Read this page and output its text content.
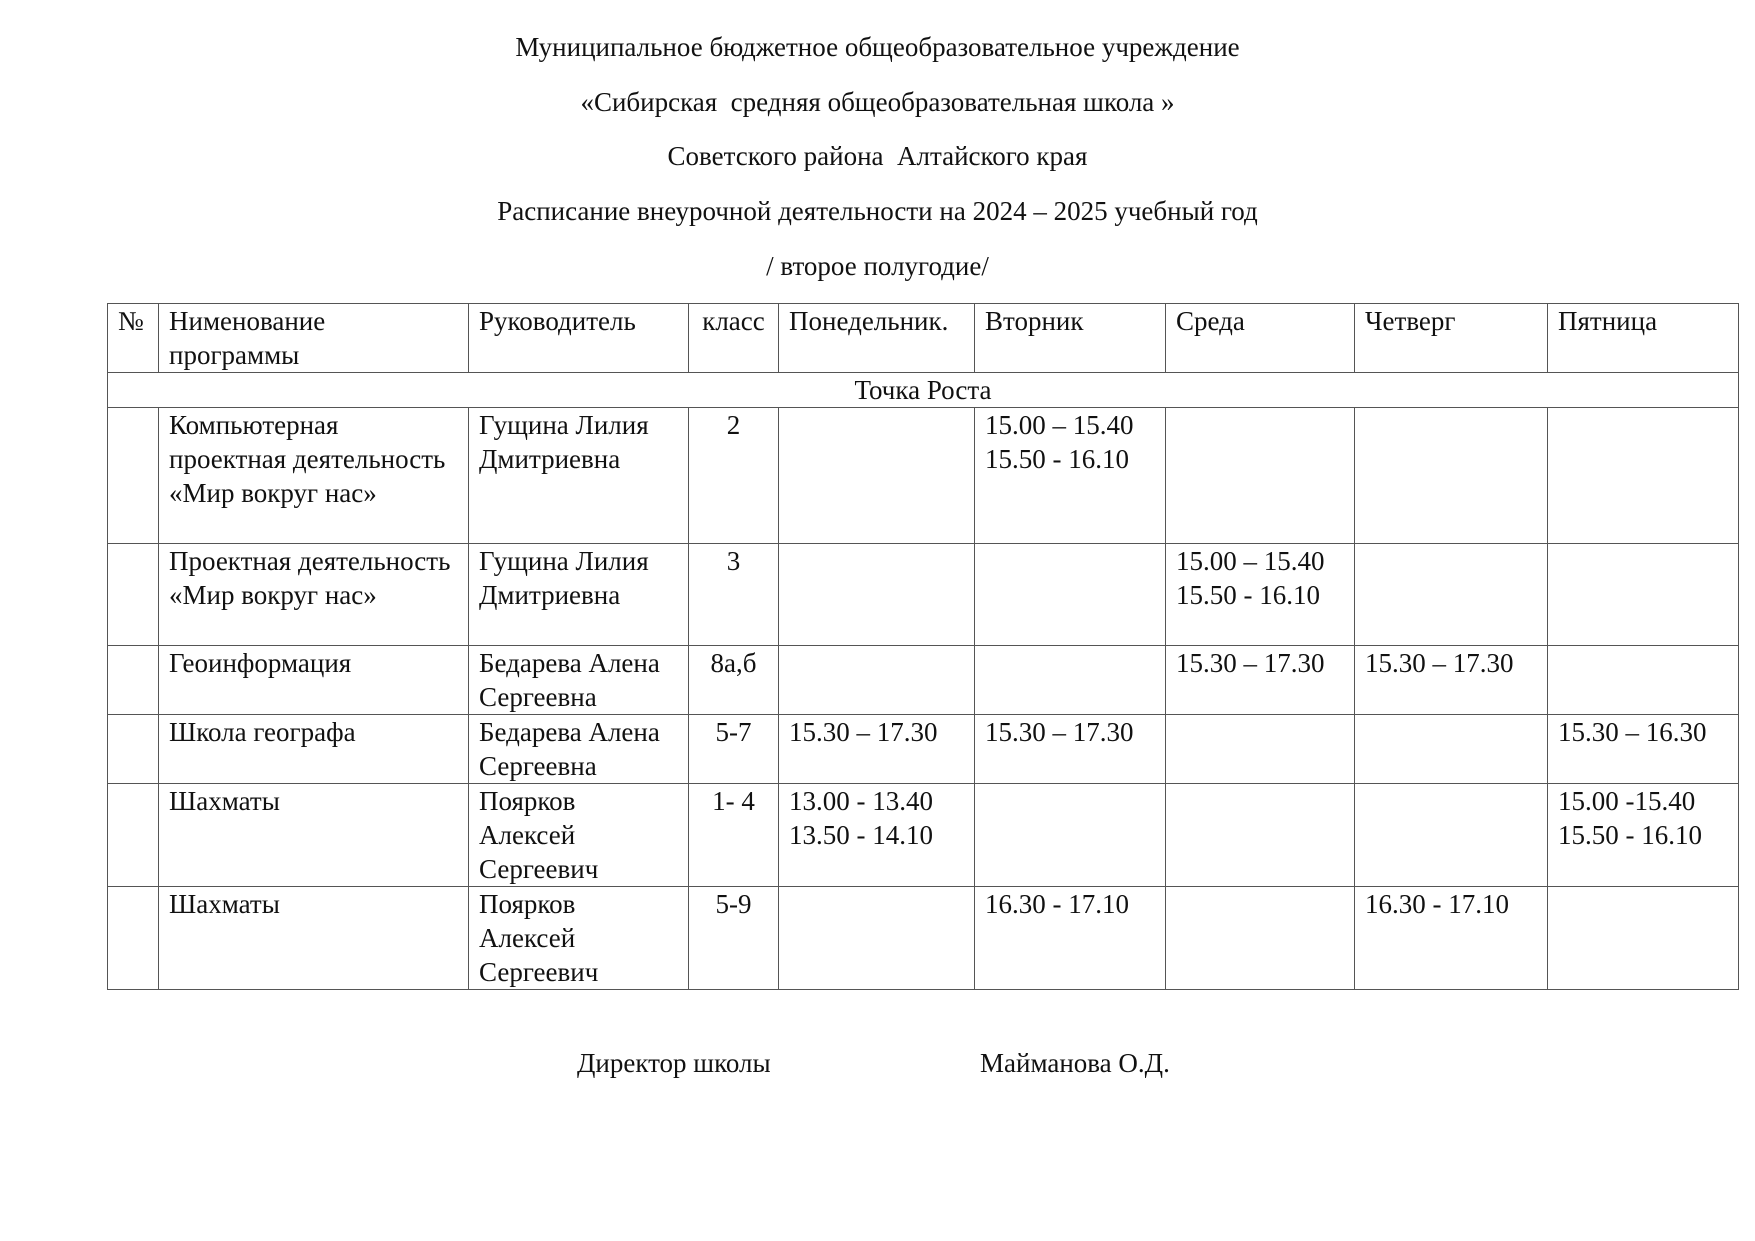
Муниципальное бюджетное общеобразовательное учреждение
«Сибирская  средняя общеобразовательная школа »
Советского района  Алтайского края
Расписание внеурочной деятельности на 2024 – 2025 учебный год
/ второе полугодие/
№	Нименование программы	Руководитель	класс	Понедельник.	Вторник	Среда	Четверг	Пятница
Точка Роста								
	Компьютерная проектная деятельность «Мир вокруг нас»	Гущина Лилия Дмитриевна	2		15.00 – 15.40
15.50 - 16.10			
	Проектная деятельность «Мир вокруг нас»	Гущина Лилия Дмитриевна	3			15.00 – 15.40
15.50 - 16.10		
	Геоинформация	Бедарева Алена Сергеевна	8а,б			15.30 – 17.30	15.30 – 17.30	
	Школа географа	Бедарева Алена Сергеевна	5-7	15.30 – 17.30	15.30 – 17.30			15.30 – 16.30
	Шахматы	Поярков Алексей Сергеевич	1- 4	13.00 - 13.40
13.50 - 14.10				15.00 -15.40
15.50 - 16.10
	Шахматы	Поярков Алексей Сергеевич	5-9		16.30 - 17.10		16.30 - 17.10	
Директор школы	Майманова О.Д.
